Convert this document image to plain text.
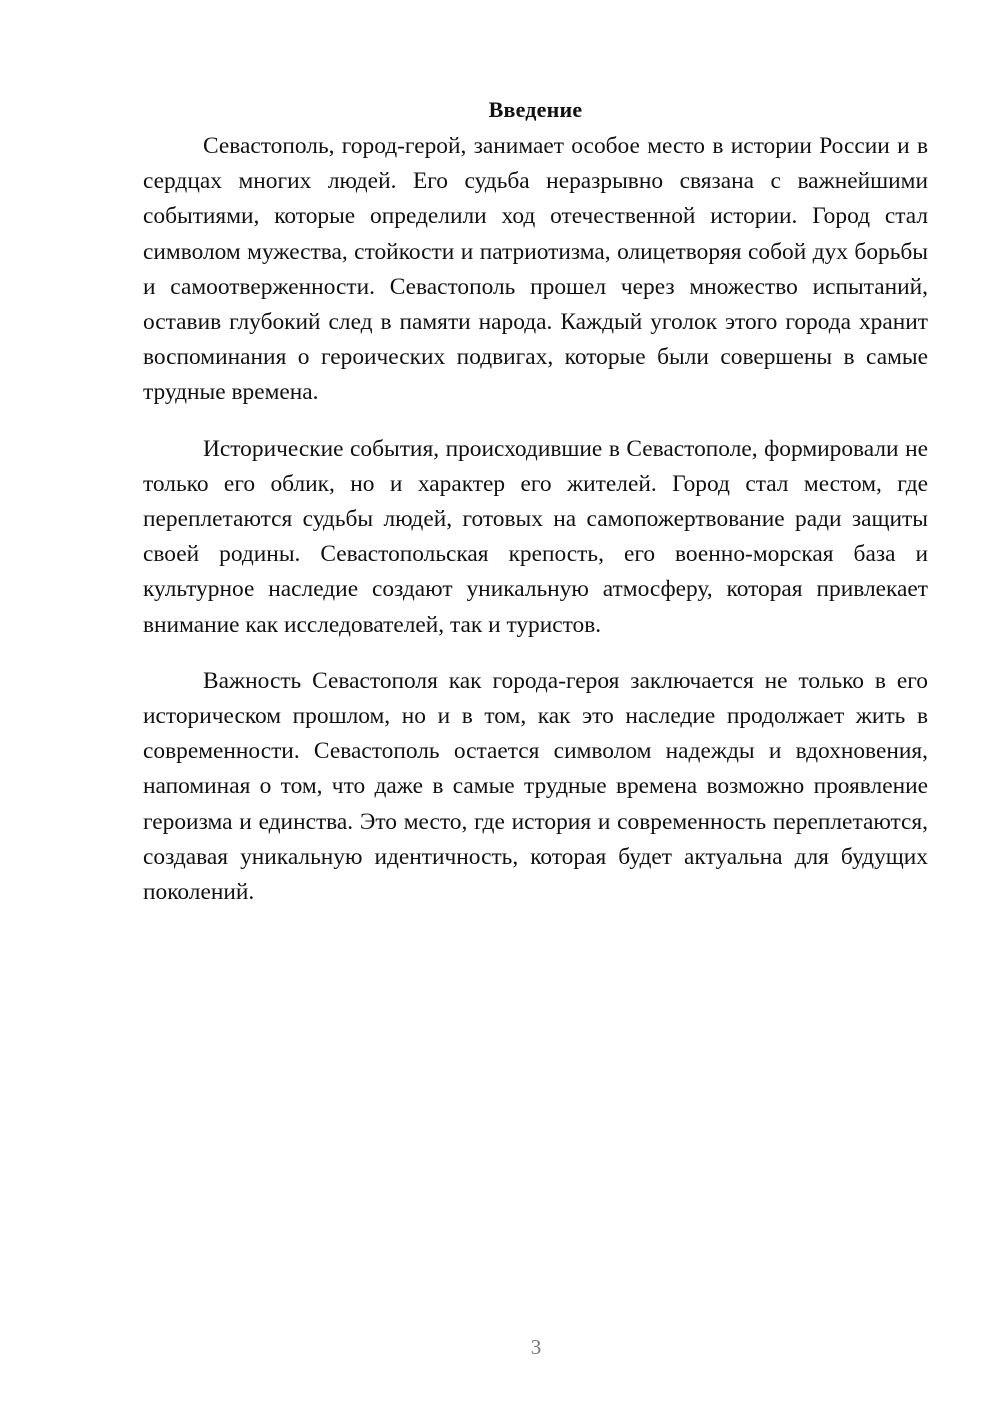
Введение

Севастополь, город-герой, занимает особое место в истории России и в сердцах многих людей. Его судьба неразрывно связана с важнейшими событиями, которые определили ход отечественной истории. Город стал символом мужества, стойкости и патриотизма, олицетворяя собой дух борьбы и самоотверженности. Севастополь прошел через множество испытаний, оставив глубокий след в памяти народа. Каждый уголок этого города хранит воспоминания о героических подвигах, которые были совершены в самые трудные времена.

Исторические события, происходившие в Севастополе, формировали не только его облик, но и характер его жителей. Город стал местом, где переплетаются судьбы людей, готовых на самопожертвование ради защиты своей родины. Севастопольская крепость, его военно-морская база и культурное наследие создают уникальную атмосферу, которая привлекает внимание как исследователей, так и туристов.

Важность Севастополя как города-героя заключается не только в его историческом прошлом, но и в том, как это наследие продолжает жить в современности. Севастополь остается символом надежды и вдохновения, напоминая о том, что даже в самые трудные времена возможно проявление героизма и единства. Это место, где история и современность переплетаются, создавая уникальную идентичность, которая будет актуальна для будущих поколений.

3
